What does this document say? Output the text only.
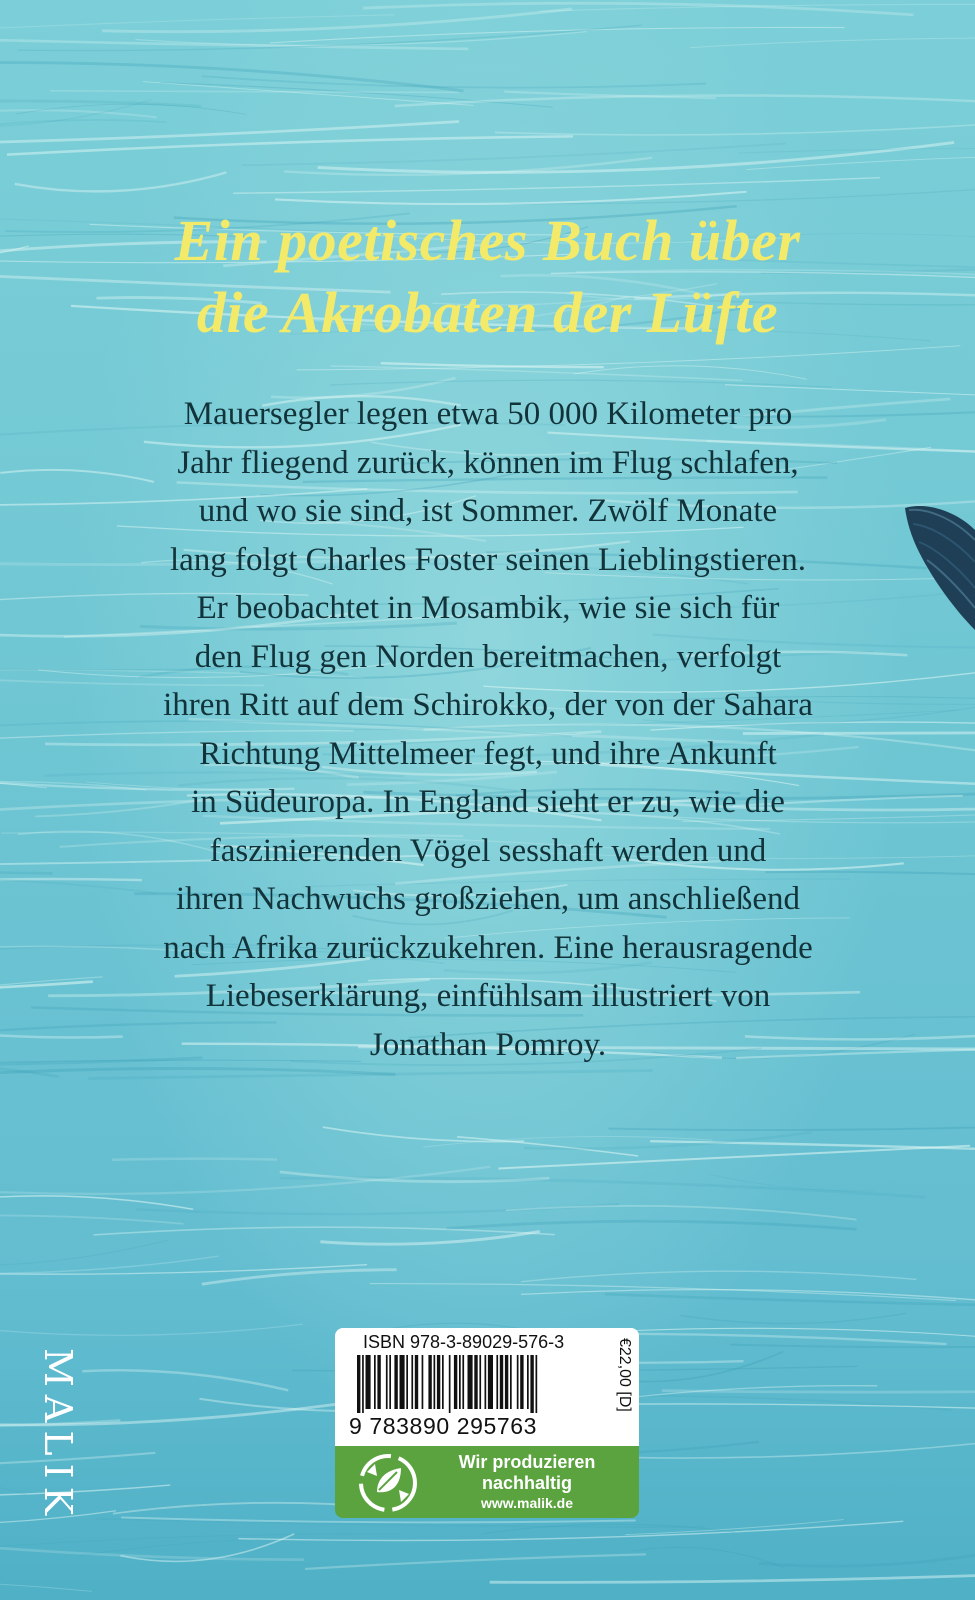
Ein poetisches Buch über
die Akrobaten der Lüfte
Mauersegler legen etwa 50 000 Kilometer pro
Jahr fliegend zurück, können im Flug schlafen,
und wo sie sind, ist Sommer. Zwölf Monate
lang folgt Charles Foster seinen Lieblingstieren.
Er beobachtet in Mosambik, wie sie sich für
den Flug gen Norden bereitmachen, verfolgt
ihren Ritt auf dem Schirokko, der von der Sahara
Richtung Mittelmeer fegt, und ihre Ankunft
in Südeuropa. In England sieht er zu, wie die
faszinierenden Vögel sesshaft werden und
ihren Nachwuchs großziehen, um anschließend
nach Afrika zurückzukehren. Eine herausragende
Liebeserklärung, einfühlsam illustriert von
Jonathan Pomroy.
MALIK
ISBN 978-3-89029-576-3
9 783890 295763
€22,00 [D]
Wir produzieren
nachhaltig
www.malik.de
